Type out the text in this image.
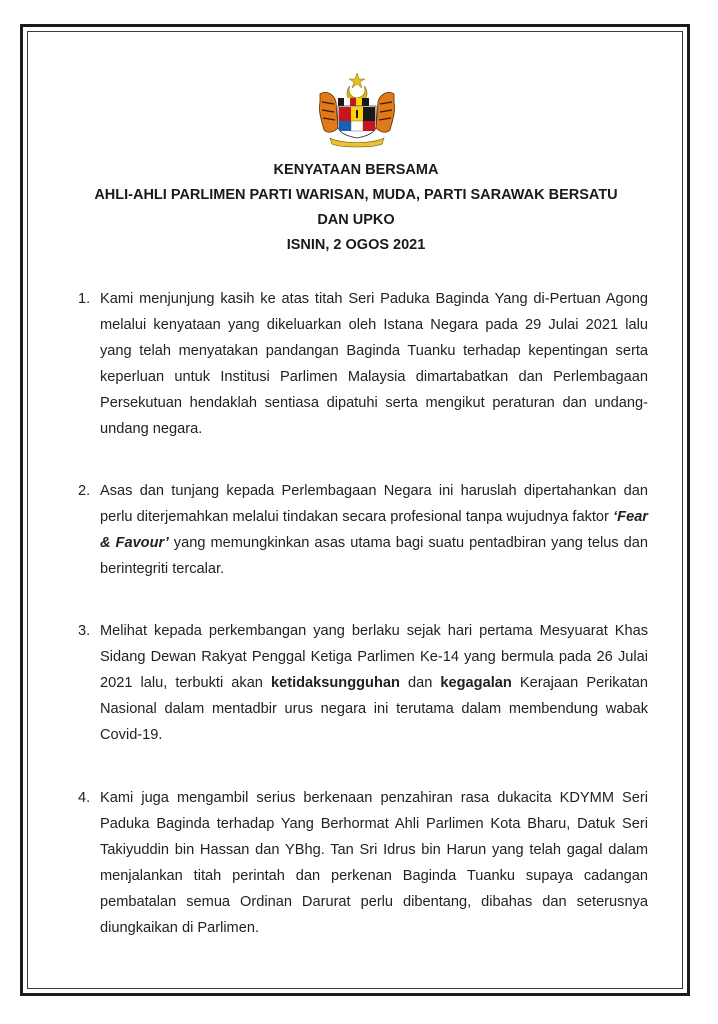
KENYATAAN BERSAMA
AHLI-AHLI PARLIMEN PARTI WARISAN, MUDA, PARTI SARAWAK BERSATU
DAN UPKO
ISNIN, 2 OGOS 2021
1. Kami menjunjung kasih ke atas titah Seri Paduka Baginda Yang di-Pertuan Agong melalui kenyataan yang dikeluarkan oleh Istana Negara pada 29 Julai 2021 lalu yang telah menyatakan pandangan Baginda Tuanku terhadap kepentingan serta keperluan untuk Institusi Parlimen Malaysia dimartabatkan dan Perlembagaan Persekutuan hendaklah sentiasa dipatuhi serta mengikut peraturan dan undang-undang negara.

2. Asas dan tunjang kepada Perlembagaan Negara ini haruslah dipertahankan dan perlu diterjemahkan melalui tindakan secara profesional tanpa wujudnya faktor ‘Fear & Favour’ yang memungkinkan asas utama bagi suatu pentadbiran yang telus dan berintegriti tercalar.

3. Melihat kepada perkembangan yang berlaku sejak hari pertama Mesyuarat Khas Sidang Dewan Rakyat Penggal Ketiga Parlimen Ke-14 yang bermula pada 26 Julai 2021 lalu, terbukti akan ketidaksungguhan dan kegagalan Kerajaan Perikatan Nasional dalam mentadbir urus negara ini terutama dalam membendung wabak Covid-19.

4. Kami juga mengambil serius berkenaan penzahiran rasa dukacita KDYMM Seri Paduka Baginda terhadap Yang Berhormat Ahli Parlimen Kota Bharu, Datuk Seri Takiyuddin bin Hassan dan YBhg. Tan Sri Idrus bin Harun yang telah gagal dalam menjalankan titah perintah dan perkenan Baginda Tuanku supaya cadangan pembatalan semua Ordinan Darurat perlu dibentang, dibahas dan seterusnya diungkaikan di Parlimen.
